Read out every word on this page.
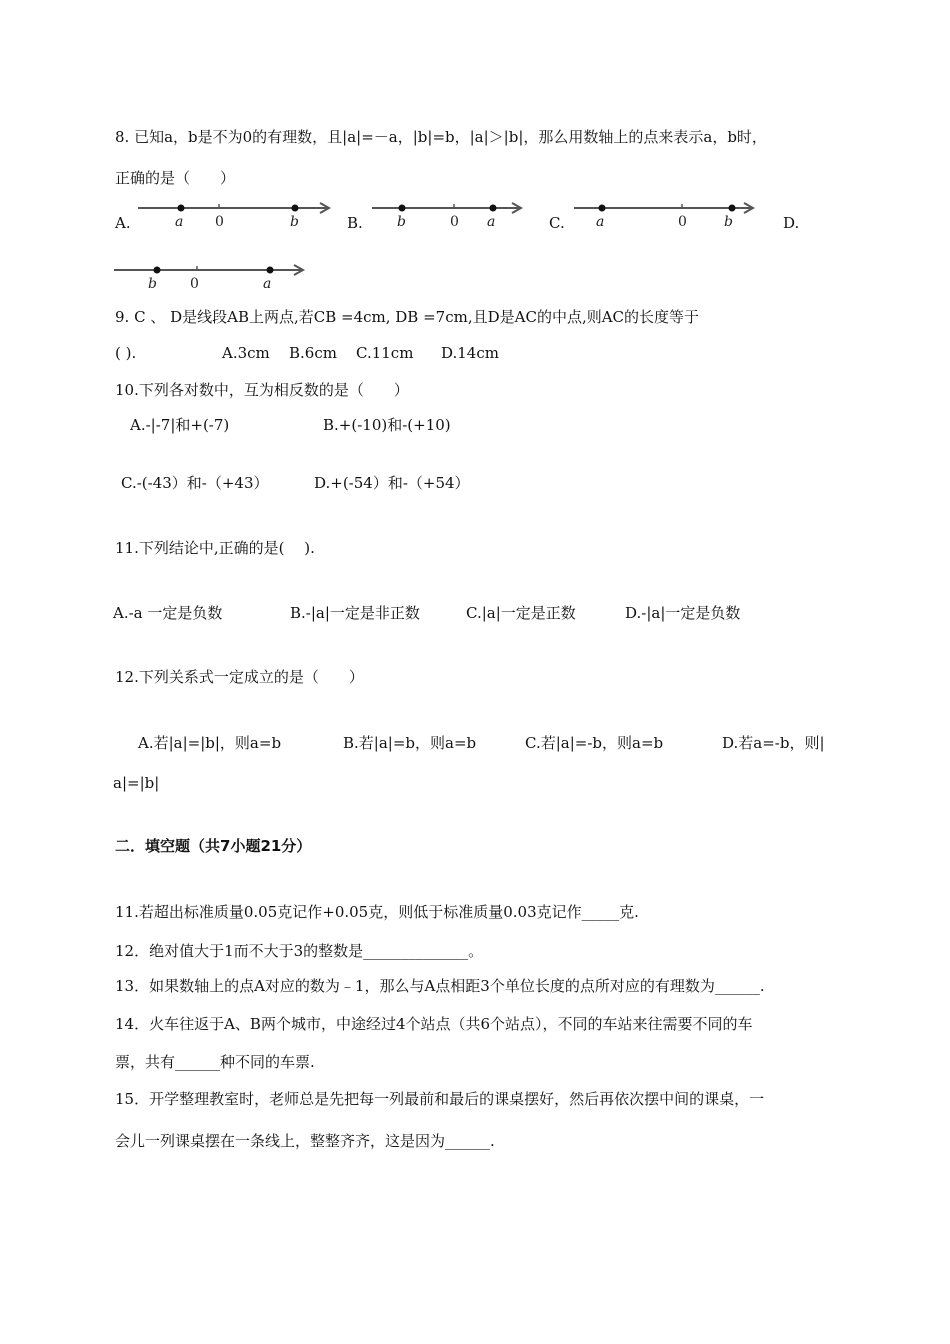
8. 已知a，b是不为0的有理数，且|a|=－a，|b|=b，|a|＞|b|，那么用数轴上的点来表示a，b时，
正确的是（　　）
A.	a 0	b	B. b	0 a	C. a	0	b	D.
b 0	a
9. C 、 D是线段AB上两点,若CB =4cm, DB =7cm,且D是AC的中点,则AC的长度等于
( ).	A.3cm B.6cm C.11cm D.14cm
10.下列各对数中，互为相反数的是（　　）
A.-|-7|和+(-7)	B.+(-10)和-(+10)
C.-(-43）和-（+43）	D.+(-54）和-（+54）
11.下列结论中,正确的是(　 ).
A.-a 一定是负数	B.-|a|一定是非正数	C.|a|一定是正数	D.-|a|一定是负数
12.下列关系式一定成立的是（　　）
A.若|a|=|b|，则a=b	B.若|a|=b，则a=b	C.若|a|=-b，则a=b	D.若a=-b，则|
a|=|b|
二．填空题（共7小题21分）
11.若超出标准质量0.05克记作+0.05克，则低于标准质量0.03克记作_____克.
12．绝对值大于1而不大于3的整数是______________。
13．如果数轴上的点A对应的数为﹣1，那么与A点相距3个单位长度的点所对应的有理数为______.
14．火车往返于A、B两个城市，中途经过4个站点（共6个站点），不同的车站来往需要不同的车
票，共有______种不同的车票.
15．开学整理教室时，老师总是先把每一列最前和最后的课桌摆好，然后再依次摆中间的课桌，一
会儿一列课桌摆在一条线上，整整齐齐，这是因为______.
